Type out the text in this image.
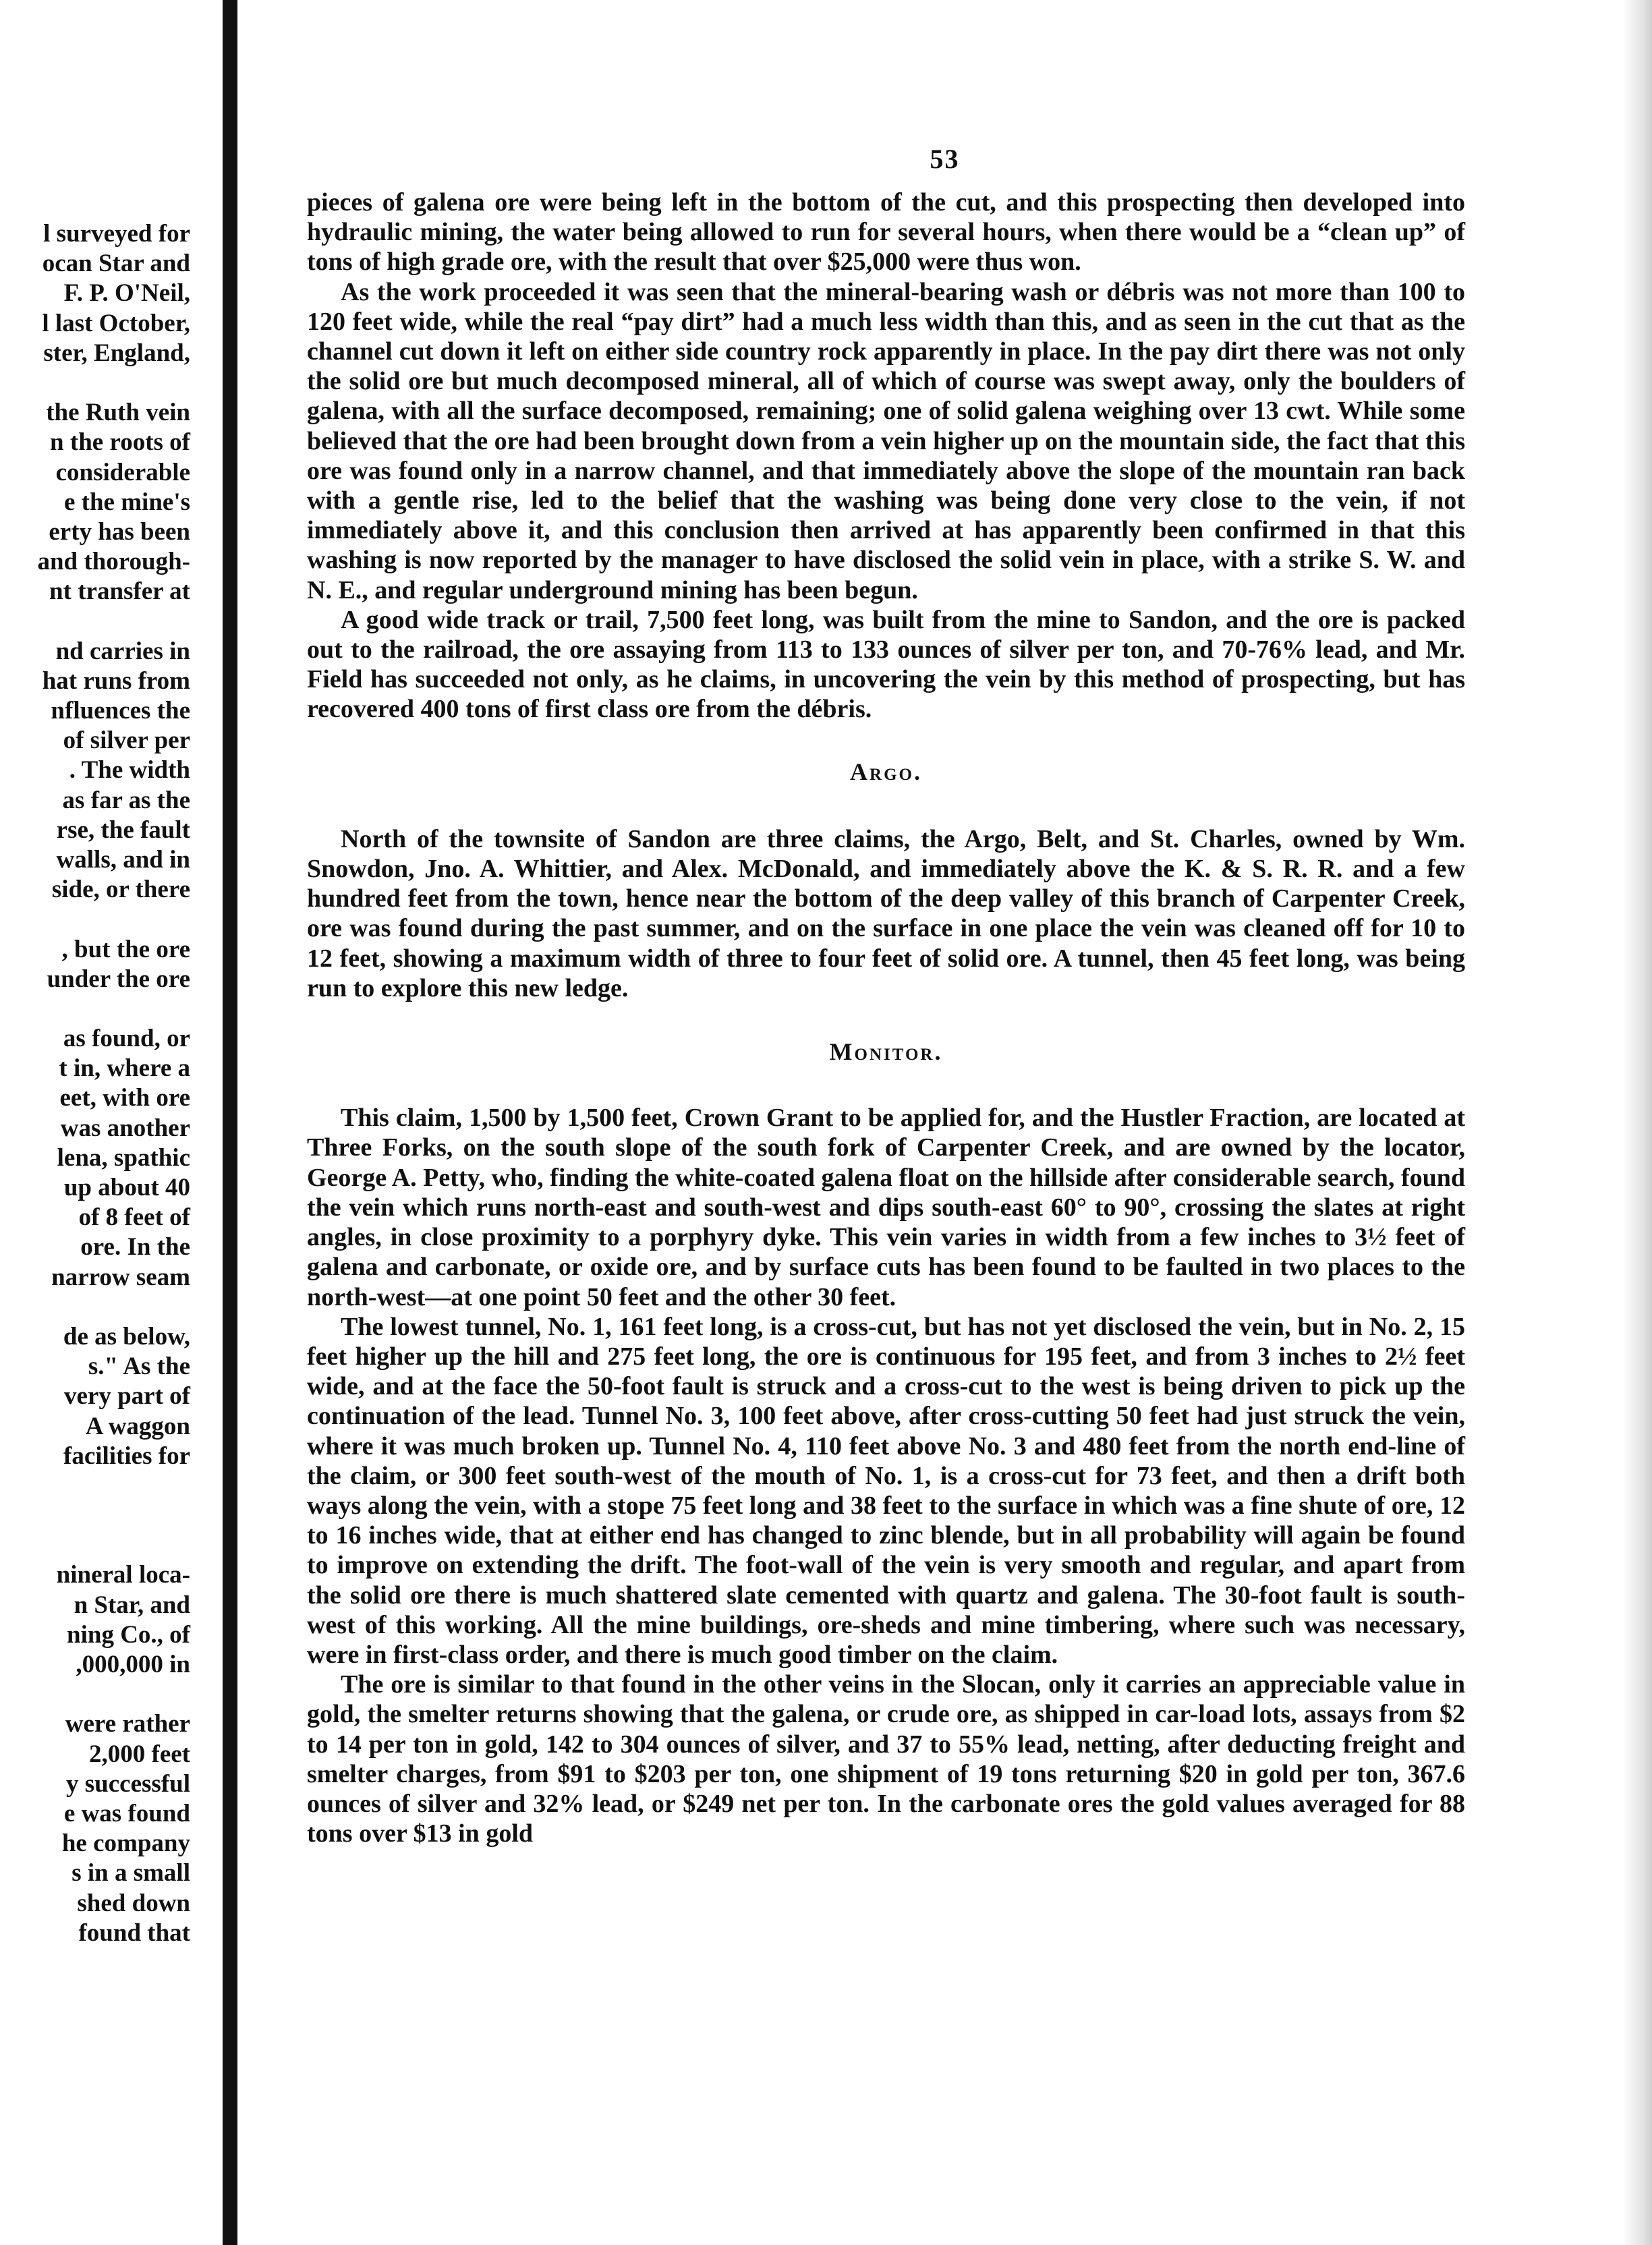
l surveyed for
ocan Star and
F. P. O'Neil,
l last October,
ster, England,

the Ruth vein
n the roots of
considerable
e the mine's
erty has been
and thorough-
nt transfer at

nd carries in
hat runs from
nfluences the
of silver per
. The width
as far as the
rse, the fault
walls, and in
side, or there

, but the ore
under the ore

as found, or
t in, where a
eet, with ore
was another
lena, spathic
up about 40
of 8 feet of
ore. In the
narrow seam

de as below,
s." As the
very part of
A waggon
facilities for

nineral loca-
n Star, and
ning Co., of
,000,000 in

were rather
2,000 feet
y successful
e was found
he company
s in a small
shed down
found that
53

pieces of galena ore were being left in the bottom of the cut, and this prospecting then developed into hydraulic mining, the water being allowed to run for several hours, when there would be a “clean up” of tons of high grade ore, with the result that over $25,000 were thus won.

As the work proceeded it was seen that the mineral-bearing wash or débris was not more than 100 to 120 feet wide, while the real “pay dirt” had a much less width than this, and as seen in the cut that as the channel cut down it left on either side country rock apparently in place. In the pay dirt there was not only the solid ore but much decomposed mineral, all of which of course was swept away, only the boulders of galena, with all the surface decomposed, remaining; one of solid galena weighing over 13 cwt. While some believed that the ore had been brought down from a vein higher up on the mountain side, the fact that this ore was found only in a narrow channel, and that immediately above the slope of the mountain ran back with a gentle rise, led to the belief that the washing was being done very close to the vein, if not immediately above it, and this conclusion then arrived at has apparently been confirmed in that this washing is now reported by the manager to have disclosed the solid vein in place, with a strike S. W. and N. E., and regular underground mining has been begun.

A good wide track or trail, 7,500 feet long, was built from the mine to Sandon, and the ore is packed out to the railroad, the ore assaying from 113 to 133 ounces of silver per ton, and 70-76% lead, and Mr. Field has succeeded not only, as he claims, in uncovering the vein by this method of prospecting, but has recovered 400 tons of first class ore from the débris.

Argo.

North of the townsite of Sandon are three claims, the Argo, Belt, and St. Charles, owned by Wm. Snowdon, Jno. A. Whittier, and Alex. McDonald, and immediately above the K. & S. R. R. and a few hundred feet from the town, hence near the bottom of the deep valley of this branch of Carpenter Creek, ore was found during the past summer, and on the surface in one place the vein was cleaned off for 10 to 12 feet, showing a maximum width of three to four feet of solid ore. A tunnel, then 45 feet long, was being run to explore this new ledge.

Monitor.

This claim, 1,500 by 1,500 feet, Crown Grant to be applied for, and the Hustler Fraction, are located at Three Forks, on the south slope of the south fork of Carpenter Creek, and are owned by the locator, George A. Petty, who, finding the white-coated galena float on the hillside after considerable search, found the vein which runs north-east and south-west and dips south-east 60° to 90°, crossing the slates at right angles, in close proximity to a porphyry dyke. This vein varies in width from a few inches to 3½ feet of galena and carbonate, or oxide ore, and by surface cuts has been found to be faulted in two places to the north-west—at one point 50 feet and the other 30 feet.

The lowest tunnel, No. 1, 161 feet long, is a cross-cut, but has not yet disclosed the vein, but in No. 2, 15 feet higher up the hill and 275 feet long, the ore is continuous for 195 feet, and from 3 inches to 2½ feet wide, and at the face the 50-foot fault is struck and a cross-cut to the west is being driven to pick up the continuation of the lead. Tunnel No. 3, 100 feet above, after cross-cutting 50 feet had just struck the vein, where it was much broken up. Tunnel No. 4, 110 feet above No. 3 and 480 feet from the north end-line of the claim, or 300 feet south-west of the mouth of No. 1, is a cross-cut for 73 feet, and then a drift both ways along the vein, with a stope 75 feet long and 38 feet to the surface in which was a fine shute of ore, 12 to 16 inches wide, that at either end has changed to zinc blende, but in all probability will again be found to improve on extending the drift. The foot-wall of the vein is very smooth and regular, and apart from the solid ore there is much shattered slate cemented with quartz and galena. The 30-foot fault is south-west of this working. All the mine buildings, ore-sheds and mine timbering, where such was necessary, were in first-class order, and there is much good timber on the claim.

The ore is similar to that found in the other veins in the Slocan, only it carries an appreciable value in gold, the smelter returns showing that the galena, or crude ore, as shipped in car-load lots, assays from $2 to 14 per ton in gold, 142 to 304 ounces of silver, and 37 to 55% lead, netting, after deducting freight and smelter charges, from $91 to $203 per ton, one shipment of 19 tons returning $20 in gold per ton, 367.6 ounces of silver and 32% lead, or $249 net per ton. In the carbonate ores the gold values averaged for 88 tons over $13 in gold
